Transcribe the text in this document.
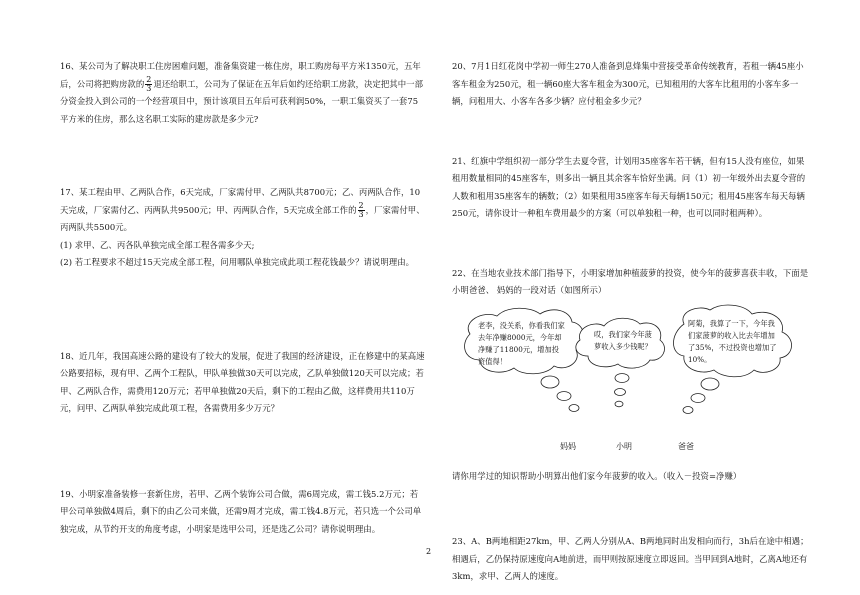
16、某公司为了解决职工住房困难问题，准备集资建一栋住房，职工购房每平方米1350元，五年后，公司将把购房款的 $\frac{2}{3}$ 退还给职工，公司为了保证在五年后如约还给职工房款，决定把其中一部分资金投入到公司的一个经营项目中，预计该项目五年后可获利润50%，一职工集资买了一套75平方米的住房，那么这名职工实际的建房款是多少元?

17、某工程由甲、乙两队合作，6天完成，厂家需付甲、乙两队共8700元；乙、丙两队合作，10天完成，厂家需付乙、丙两队共9500元；甲、丙两队合作，5天完成全部工作的 $\frac{2}{3}$ ，厂家需付甲、丙两队共5500元。

(1) 求甲、乙、丙各队单独完成全部工程各需多少天;

(2) 若工程要求不超过15天完成全部工程，问用哪队单独完成此项工程花钱最少？请说明理由。

18、近几年，我国高速公路的建设有了较大的发展，促进了我国的经济建设，正在修建中的某高速公路要招标，现有甲、乙两个工程队，甲队单独做30天可以完成，乙队单独做120天可以完成；若甲、乙两队合作，需费用120万元；若甲单独做20天后，剩下的工程由乙做，这样费用共110万元，问甲、乙两队单独完成此项工程，各需费用多少万元？

19、小明家准备装修一套新住房，若甲、乙两个装饰公司合做，需6周完成，需工钱5.2万元；若甲公司单独做4周后，剩下的由乙公司来做，还需9周才完成，需工钱4.8万元，若只选一个公司单独完成，从节约开支的角度考虑，小明家是选甲公司，还是选乙公司？请你说明理由。

20、7月1日红花岗中学初一师生270人准备到息烽集中营接受革命传统教育，若租一辆45座小客车租金为250元，租一辆60座大客车租金为300元，已知租用的大客车比租用的小客车多一辆，问租用大、小客车各多少辆？应付租金多少元？

21、红旗中学组织初一部分学生去夏令营，计划用35座客车若干辆，但有15人没有座位，如果租用数量相同的45座客车，则多出一辆且其余客车恰好坐满。问（1）初一年级外出去夏令营的人数和租用35座客车的辆数；（2）如果租用35座客车每天每辆150元；租用45座客车每天每辆250元，请你设计一种租车费用最少的方案（可以单独租一种，也可以同时租两种）。

22、在当地农业技术部门指导下，小明家增加种植菠萝的投资，使今年的菠萝喜获丰收，下面是小明爸爸、 妈妈的一段对话（如图所示）

老李，没关系，你看我们家去年净赚8000元，今年却净赚了11800元，增加投资值得！
哎，我们家今年菠萝收入多少钱呢？
阿菊，我算了一下，今年我们家菠萝的收入比去年增加了35%，不过投资也增加了10%。
妈妈	小明	爸爸

请你用学过的知识帮助小明算出他们家今年菠萝的收入。（收入－投资=净赚）

23、A、B两地相距27km，甲、乙两人分别从A、B两地同时出发相向而行，3h后在途中相遇；相遇后，乙仍保持原速度向A地前进，而甲则按原速度立即返回。当甲回到A地时，乙离A地还有3km，求甲、乙两人的速度。

2
